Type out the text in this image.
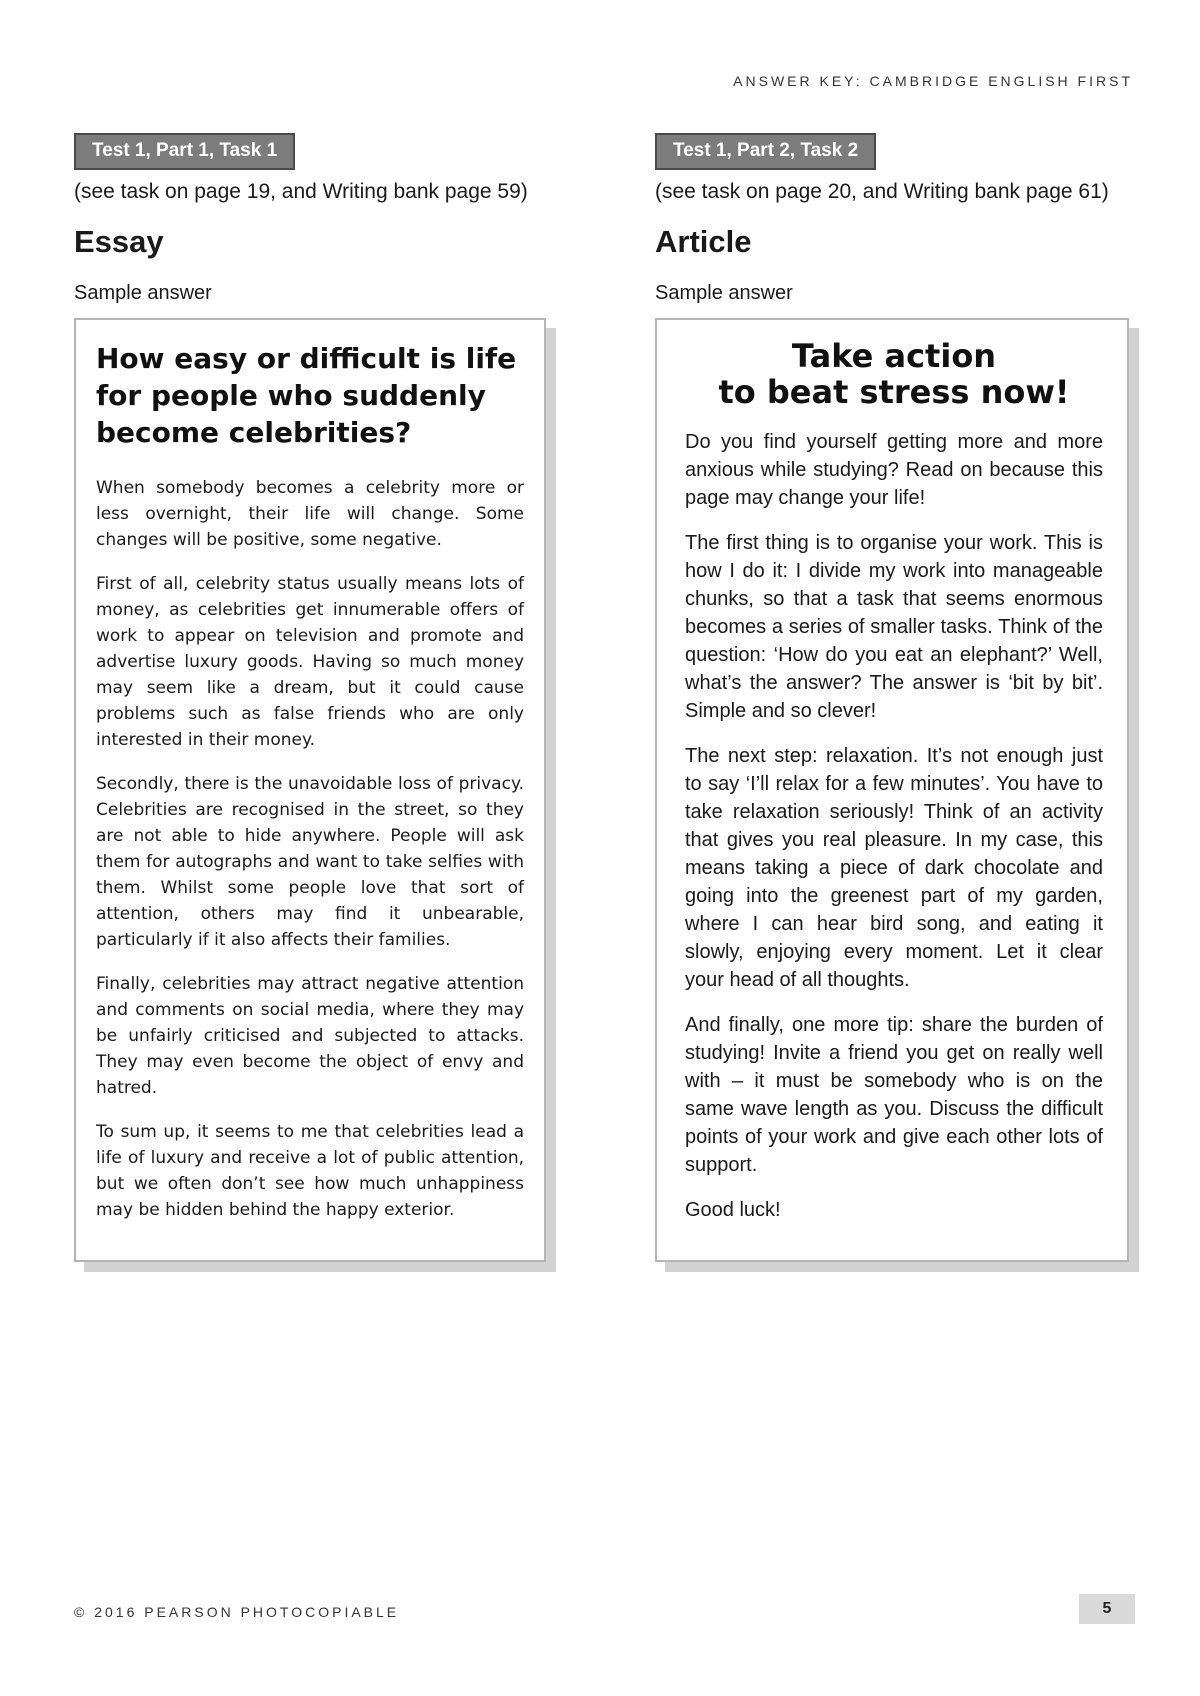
ANSWER KEY: CAMBRIDGE ENGLISH FIRST
Test 1, Part 1, Task 1
(see task on page 19, and Writing bank page 59)
Essay
Sample answer
How easy or difficult is life for people who suddenly become celebrities?

When somebody becomes a celebrity more or less overnight, their life will change. Some changes will be positive, some negative.

First of all, celebrity status usually means lots of money, as celebrities get innumerable offers of work to appear on television and promote and advertise luxury goods. Having so much money may seem like a dream, but it could cause problems such as false friends who are only interested in their money.

Secondly, there is the unavoidable loss of privacy. Celebrities are recognised in the street, so they are not able to hide anywhere. People will ask them for autographs and want to take selfies with them. Whilst some people love that sort of attention, others may find it unbearable, particularly if it also affects their families.

Finally, celebrities may attract negative attention and comments on social media, where they may be unfairly criticised and subjected to attacks. They may even become the object of envy and hatred.

To sum up, it seems to me that celebrities lead a life of luxury and receive a lot of public attention, but we often don’t see how much unhappiness may be hidden behind the happy exterior.

Test 1, Part 2, Task 2
(see task on page 20, and Writing bank page 61)
Article
Sample answer
Take action
to beat stress now!

Do you find yourself getting more and more anxious while studying? Read on because this page may change your life!

The first thing is to organise your work. This is how I do it: I divide my work into manageable chunks, so that a task that seems enormous becomes a series of smaller tasks. Think of the question: ‘How do you eat an elephant?’ Well, what’s the answer? The answer is ‘bit by bit’. Simple and so clever!

The next step: relaxation. It’s not enough just to say ‘I’ll relax for a few minutes’. You have to take relaxation seriously! Think of an activity that gives you real pleasure. In my case, this means taking a piece of dark chocolate and going into the greenest part of my garden, where I can hear bird song, and eating it slowly, enjoying every moment. Let it clear your head of all thoughts.

And finally, one more tip: share the burden of studying! Invite a friend you get on really well with – it must be somebody who is on the same wave length as you. Discuss the difficult points of your work and give each other lots of support.

Good luck!

© 2016 PEARSON PHOTOCOPIABLE	5
